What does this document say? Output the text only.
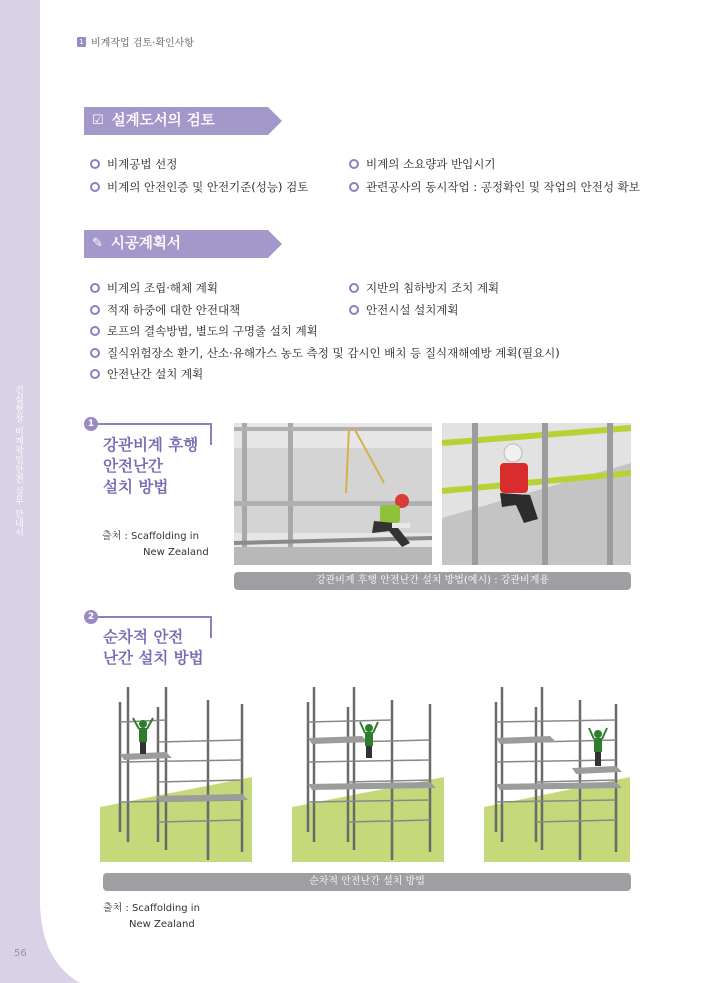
건설현장 비계작업안전 실무 안내서
56
1 비계작업 검토·확인사항
☑ 설계도서의 검토
비계공법 선정
비계의 안전인증 및 안전기준(성능) 검토
비계의 소요량과 반입시기
관련공사의 동시작업 : 공정확인 및 작업의 안전성 확보
✎ 시공계획서
비계의 조립·해체 계획
적재 하중에 대한 안전대책
지반의 침하방지 조치 계획
안전시설 설치계획
로프의 결속방법, 별도의 구명줄 설치 계획
질식위험장소 환기, 산소·유해가스 농도 측정 및 감시인 배치 등 질식재해예방 계획(필요시)
안전난간 설치 계획
1
강관비계 후행
안전난간
설치 방법
출처 : Scaffolding in
New Zealand
강관비계 후행 안전난간 설치 방법(예시) : 강관비계용
2
순차적 안전
난간 설치 방법
순차적 안전난간 설치 방법
출처 : Scaffolding in
New Zealand
